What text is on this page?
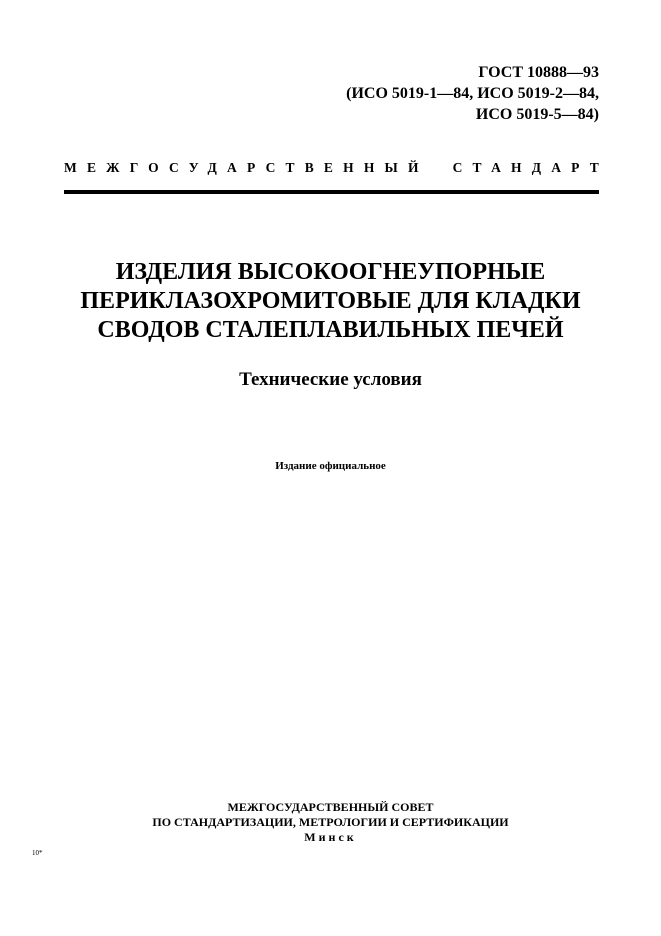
ГОСТ 10888—93
(ИСО 5019-1—84, ИСО 5019-2—84,
ИСО 5019-5—84)
МЕЖГОСУДАРСТВЕННЫЙ СТАНДАРТ
ИЗДЕЛИЯ ВЫСОКООГНЕУПОРНЫЕ
ПЕРИКЛАЗОХРОМИТОВЫЕ ДЛЯ КЛАДКИ
СВОДОВ СТАЛЕПЛАВИЛЬНЫХ ПЕЧЕЙ
Технические условия
Издание официальное
МЕЖГОСУДАРСТВЕННЫЙ СОВЕТ
ПО СТАНДАРТИЗАЦИИ, МЕТРОЛОГИИ И СЕРТИФИКАЦИИ
Минск
10*
